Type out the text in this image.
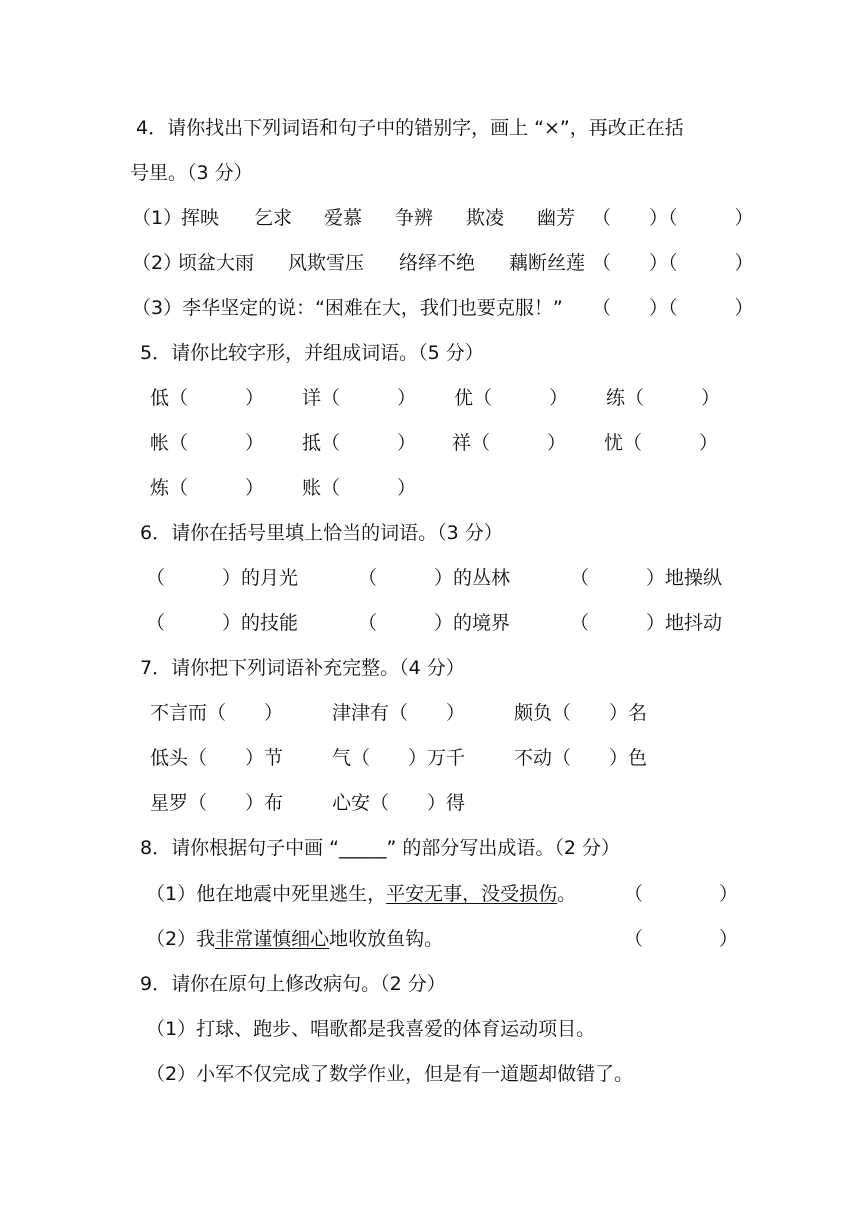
4．请你找出下列词语和句子中的错别字，画上 “×”，再改正在括
号里。（3 分）
（1）
挥映 乞求 爱慕 争辨 欺凌 幽芳 （　　）（　　　）
（2）
顷盆大雨 风欺雪压 络绎不绝 藕断丝莲 （　　）（　　　）
（3）李华坚定的说：“困难在大，我们也要克服！” （　　）（　　　）
5．请你比较字形，并组成词语。（5 分）
低（　　　） 详（　　　） 优（　　　） 练（　　　）
帐（　　　） 抵（　　　） 祥（　　　） 忧（　　　）
炼（　　　） 账（　　　）
6．请你在括号里填上恰当的词语。（3 分）
（　　　）的月光	（　　　）的丛林	（　　　）地操纵
（　　　）的技能	（　　　）的境界	（　　　）地抖动
7．请你把下列词语补充完整。（4 分）
不言而（　　）	津津有（　　）	颇负（　　）名
低头（　　）节	气（　　）万千	不动（　　）色
星罗（　　）布	心安（　　）得
8．请你根据句子中画 “_____” 的部分写出成语。（2 分）
（1）他在地震中死里逃生，平安无事，没受损伤。	（　　　　）
（2）我非常谨慎细心地收放鱼钩。	（　　　　）
9．请你在原句上修改病句。（2 分）
（1）打球、跑步、唱歌都是我喜爱的体育运动项目。
（2）小军不仅完成了数学作业，但是有一道题却做错了。
